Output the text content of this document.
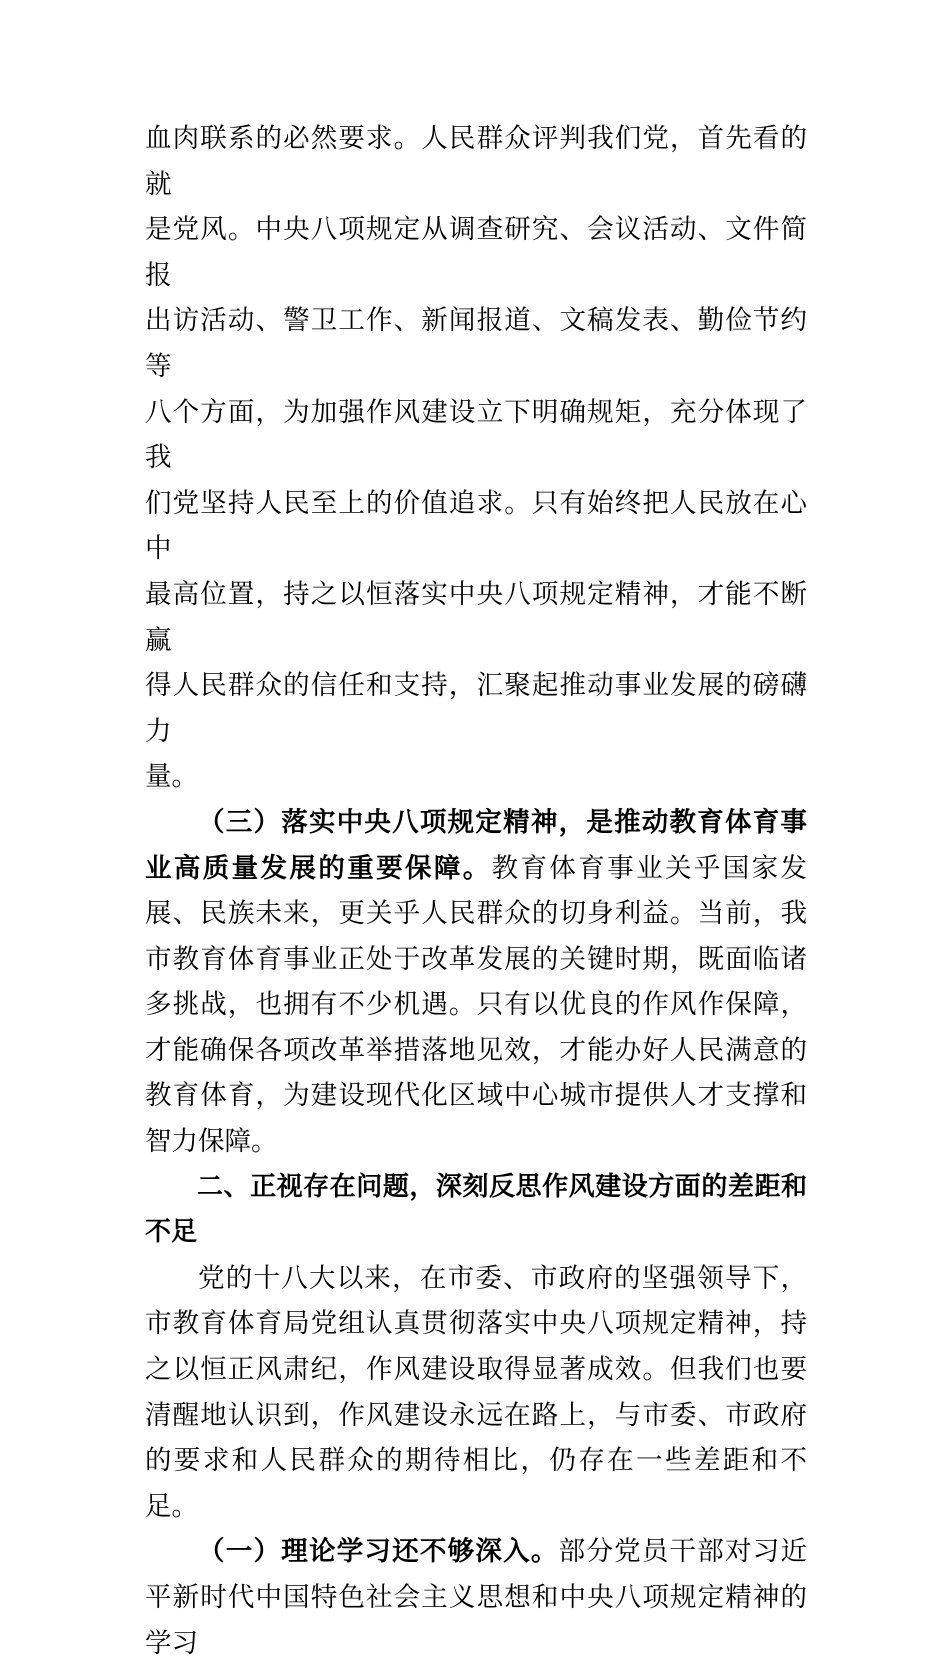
血肉联系的必然要求。人民群众评判我们党，首先看的就
是党风。中央八项规定从调查研究、会议活动、文件简报
出访活动、警卫工作、新闻报道、文稿发表、勤俭节约等
八个方面，为加强作风建设立下明确规矩，充分体现了我
们党坚持人民至上的价值追求。只有始终把人民放在心中
最高位置，持之以恒落实中央八项规定精神，才能不断赢
得人民群众的信任和支持，汇聚起推动事业发展的磅礴力
量。

（三）落实中央八项规定精神，是推动教育体育事业高质量发展的重要保障。教育体育事业关乎国家发展、民族未来，更关乎人民群众的切身利益。当前，我市教育体育事业正处于改革发展的关键时期，既面临诸多挑战，也拥有不少机遇。只有以优良的作风作保障，才能确保各项改革举措落地见效，才能办好人民满意的教育体育，为建设现代化区域中心城市提供人才支撑和智力保障。

二、正视存在问题，深刻反思作风建设方面的差距和不足

党的十八大以来，在市委、市政府的坚强领导下，市教育体育局党组认真贯彻落实中央八项规定精神，持之以恒正风肃纪，作风建设取得显著成效。但我们也要清醒地认识到，作风建设永远在路上，与市委、市政府的要求和人民群众的期待相比，仍存在一些差距和不足。

（一）理论学习还不够深入。部分党员干部对习近平新时代中国特色社会主义思想和中央八项规定精神的学习
